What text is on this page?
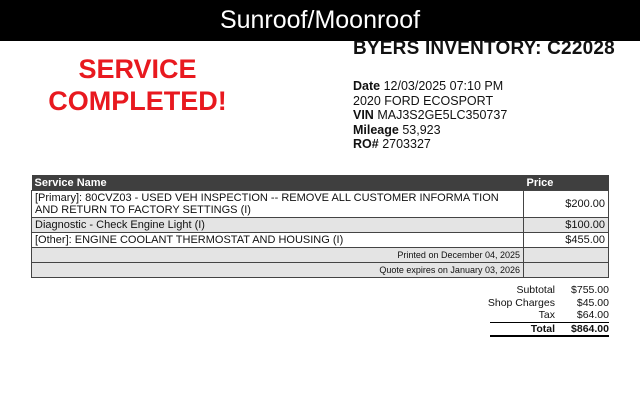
Sunroof/Moonroof
SERVICE
COMPLETED!
BYERS INVENTORY: C22028
Date 12/03/2025 07:10 PM
2020 FORD ECOSPORT
VIN MAJ3S2GE5LC350737
Mileage 53,923
RO# 2703327
Service Name	Price
[Primary]: 80CVZ03 - USED VEH INSPECTION -- REMOVE ALL CUSTOMER INFORMA TION AND RETURN TO FACTORY SETTINGS (I)	$200.00
Diagnostic - Check Engine Light (I)	$100.00
[Other]: ENGINE COOLANT THERMOSTAT AND HOUSING (I)	$455.00
Printed on December 04, 2025	
Quote expires on January 03, 2026	
Subtotal	$755.00
Shop Charges	$45.00
Tax	$64.00
Total	$864.00
